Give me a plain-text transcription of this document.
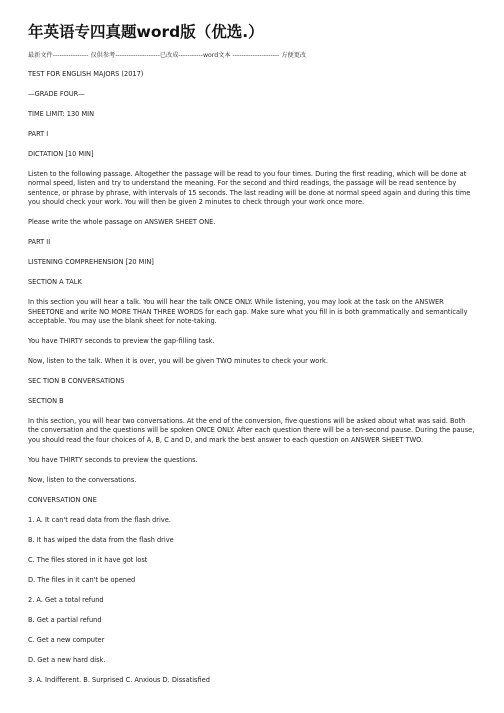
年英语专四真题word版（优选.）
最新文件---------------- 仅供参考--------------------已改成-----------word文本 --------------------- 方便更改
TEST FOR ENGLISH MAJORS (2017)
—GRADE FOUR—
TIME LIMIT: 130 MIN
PART I
DICTATION [10 MIN]
Listen to the following passage. Altogether the passage will be read to you four times. During the first reading, which will be done at normal speed, listen and try to understand the meaning. For the second and third readings, the passage will be read sentence by sentence, or phrase by phrase, with intervals of 15 seconds. The last reading will be done at normal speed again and during this time you should check your work. You will then be given 2 minutes to check through your work once more.
Please write the whole passage on ANSWER SHEET ONE.
PART II
LISTENING COMPREHENSION [20 MIN]
SECTION A TALK
In this section you will hear a talk. You will hear the talk ONCE ONLY. While listening, you may look at the task on the ANSWER SHEETONE and write NO MORE THAN THREE WORDS for each gap. Make sure what you fill in is both grammatically and semantically acceptable. You may use the blank sheet for note-taking.
You have THIRTY seconds to preview the gap-filling task.
Now, listen to the talk. When it is over, you will be given TWO minutes to check your work.
SEC TION B CONVERSATIONS
SECTION B
In this section, you will hear two conversations. At the end of the conversion, five questions will be asked about what was said. Both the conversation and the questions will be spoken ONCE ONLY. After each question there will be a ten-second pause. During the pause, you should read the four choices of A, B, C and D, and mark the best answer to each question on ANSWER SHEET TWO.
You have THIRTY seconds to preview the questions.
Now, listen to the conversations.
CONVERSATION ONE
1. A. It can't read data from the flash drive.
B. It has wiped the data from the flash drive
C. The files stored in it have got lost
D. The files in it can't be opened
2. A. Get a total refund
B. Get a partial refund
C. Get a new computer
D. Get a new hard disk.
3. A. Indifferent. B. Surprised C. Anxious D. Dissatisfied
